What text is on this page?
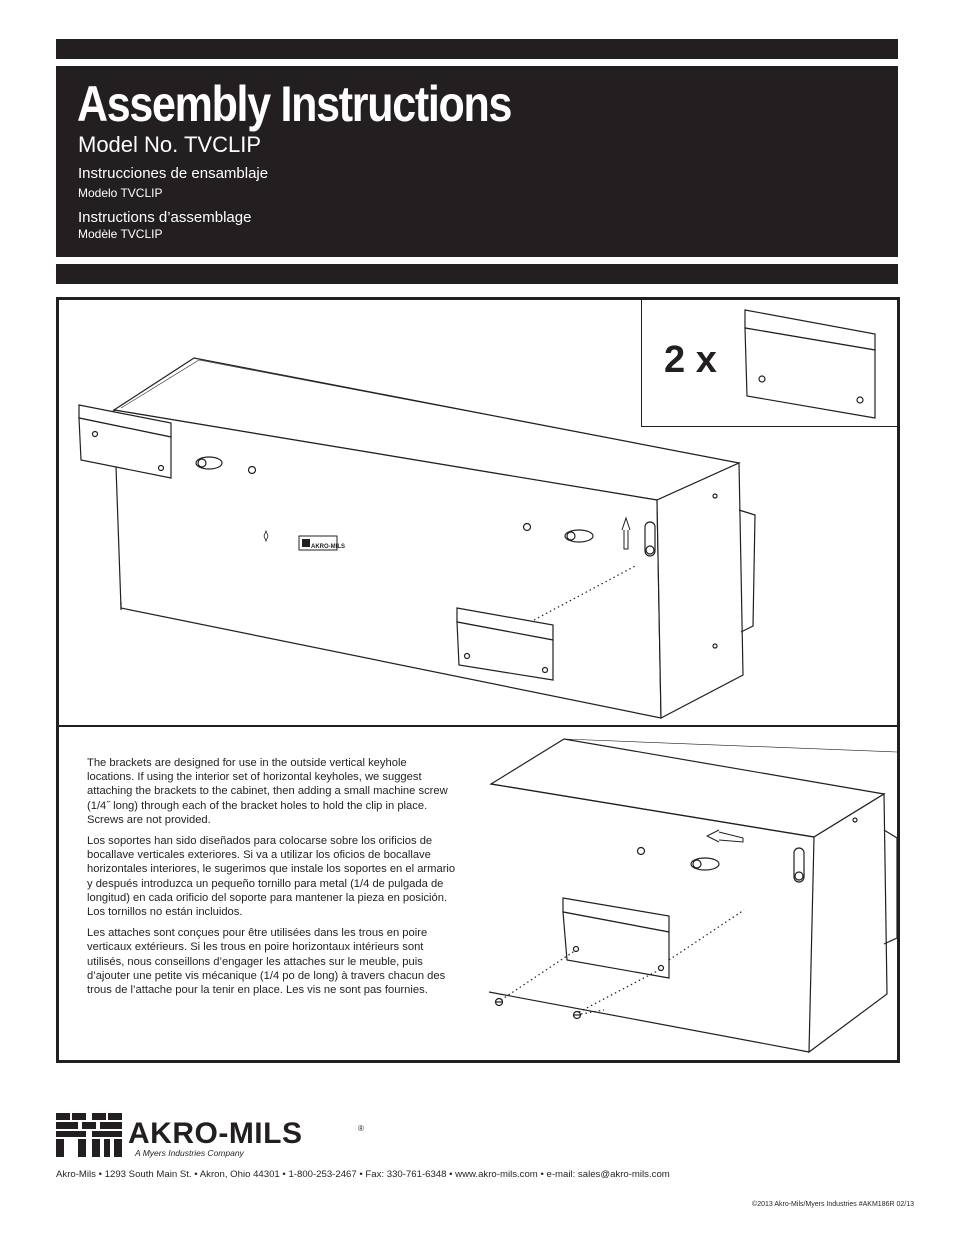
Assembly Instructions
Model No. TVCLIP
Instrucciones de ensamblaje
Modelo TVCLIP
Instructions d’assemblage
Modèle TVCLIP
AKRO-MILS
2 x

The brackets are designed for use in the outside vertical keyhole locations. If using the interior set of horizontal keyholes, we suggest attaching the brackets to the cabinet, then adding a small machine screw (1/4˝ long) through each of the bracket holes to hold the clip in place. Screws are not provided.

Los soportes han sido diseñados para colocarse sobre los orificios de bocallave verticales exteriores. Si va a utilizar los oficios de bocallave horizontales interiores, le sugerimos que instale los soportes en el armario y después introduzca un pequeño tornillo para metal (1/4 de pulgada de longitud) en cada orificio del soporte para mantener la pieza en posición. Los tornillos no están incluidos.

Les attaches sont conçues pour être utilisées dans les trous en poire verticaux extérieurs. Si les trous en poire horizontaux intérieurs sont utilisés, nous conseillons d’engager les attaches sur le meuble, puis d’ajouter une petite vis mécanique (1/4 po de long) à travers chacun des trous de l’attache pour la tenir en place. Les vis ne sont pas fournies.

AKRO-MILS	®
A Myers Industries Company
Akro-Mils • 1293 South Main St. • Akron, Ohio 44301 • 1-800-253-2467 • Fax: 330-761-6348 • www.akro-mils.com • e-mail: sales@akro-mils.com
©2013 Akro-Mils/Myers Industries #AKM186R 02/13
